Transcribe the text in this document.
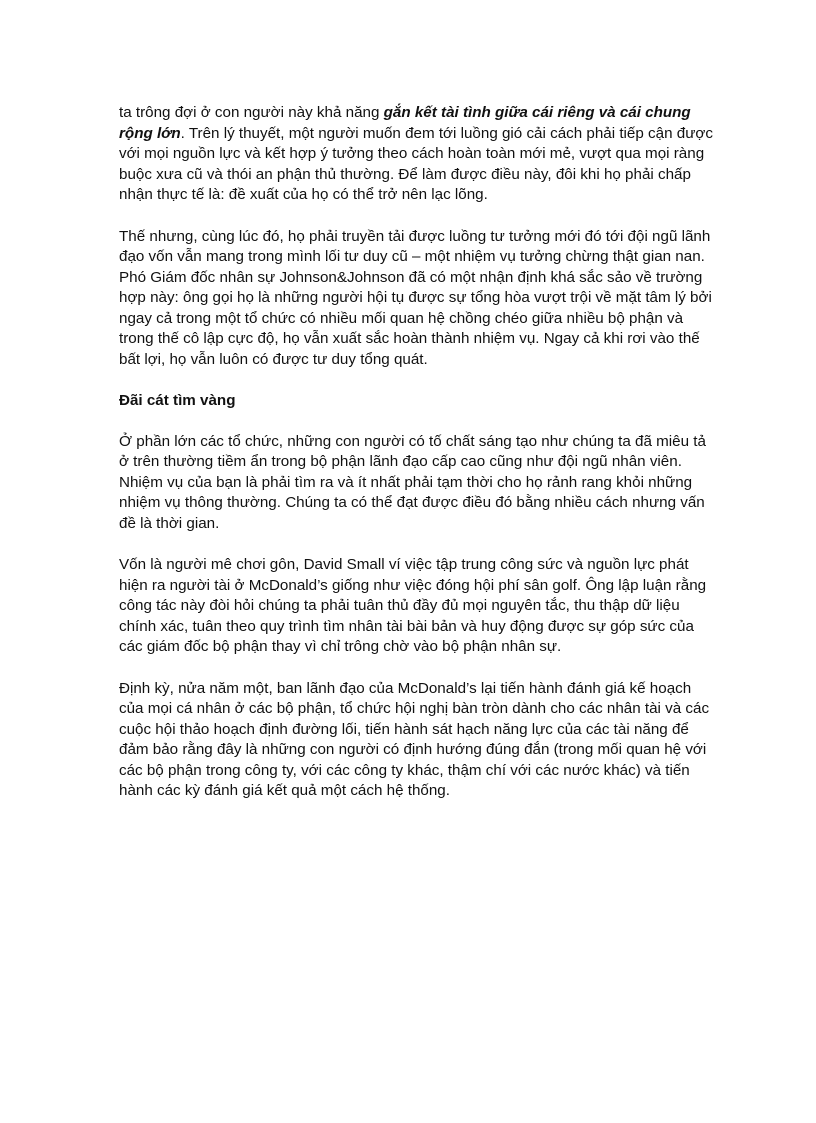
ta trông đợi ở con người này khả năng gắn kết tài tình giữa cái riêng và cái chung rộng lớn. Trên lý thuyết, một người muốn đem tới luồng gió cải cách phải tiếp cận được với mọi nguồn lực và kết hợp ý tưởng theo cách hoàn toàn mới mẻ, vượt qua mọi ràng buộc xưa cũ và thói an phận thủ thường. Để làm được điều này, đôi khi họ phải chấp nhận thực tế là: đề xuất của họ có thể trở nên lạc lõng.

Thế nhưng, cùng lúc đó, họ phải truyền tải được luồng tư tưởng mới đó tới đội ngũ lãnh đạo vốn vẫn mang trong mình lối tư duy cũ – một nhiệm vụ tưởng chừng thật gian nan. Phó Giám đốc nhân sự Johnson&Johnson đã có một nhận định khá sắc sảo về trường hợp này: ông gọi họ là những người hội tụ được sự tổng hòa vượt trội về mặt tâm lý bởi ngay cả trong một tổ chức có nhiều mối quan hệ chồng chéo giữa nhiều bộ phận và trong thế cô lập cực độ, họ vẫn xuất sắc hoàn thành nhiệm vụ. Ngay cả khi rơi vào thế bất lợi, họ vẫn luôn có được tư duy tổng quát.

Đãi cát tìm vàng

Ở phần lớn các tổ chức, những con người có tố chất sáng tạo như chúng ta đã miêu tả ở trên thường tiềm ẩn trong bộ phận lãnh đạo cấp cao cũng như đội ngũ nhân viên. Nhiệm vụ của bạn là phải tìm ra và ít nhất phải tạm thời cho họ rảnh rang khỏi những nhiệm vụ thông thường. Chúng ta có thể đạt được điều đó bằng nhiều cách nhưng vấn đề là thời gian.

Vốn là người mê chơi gôn, David Small ví việc tập trung công sức và nguồn lực phát hiện ra người tài ở McDonald’s giống như việc đóng hội phí sân golf. Ông lập luận rằng công tác này đòi hỏi chúng ta phải tuân thủ đầy đủ mọi nguyên tắc, thu thập dữ liệu chính xác, tuân theo quy trình tìm nhân tài bài bản và huy động được sự góp sức của các giám đốc bộ phận thay vì chỉ trông chờ vào bộ phận nhân sự.

Định kỳ, nửa năm một, ban lãnh đạo của McDonald’s lại tiến hành đánh giá kế hoạch của mọi cá nhân ở các bộ phận, tổ chức hội nghị bàn tròn dành cho các nhân tài và các cuộc hội thảo hoạch định đường lối, tiến hành sát hạch năng lực của các tài năng để đảm bảo rằng đây là những con người có định hướng đúng đắn (trong mối quan hệ với các bộ phận trong công ty, với các công ty khác, thậm chí với các nước khác) và tiến hành các kỳ đánh giá kết quả một cách hệ thống.
